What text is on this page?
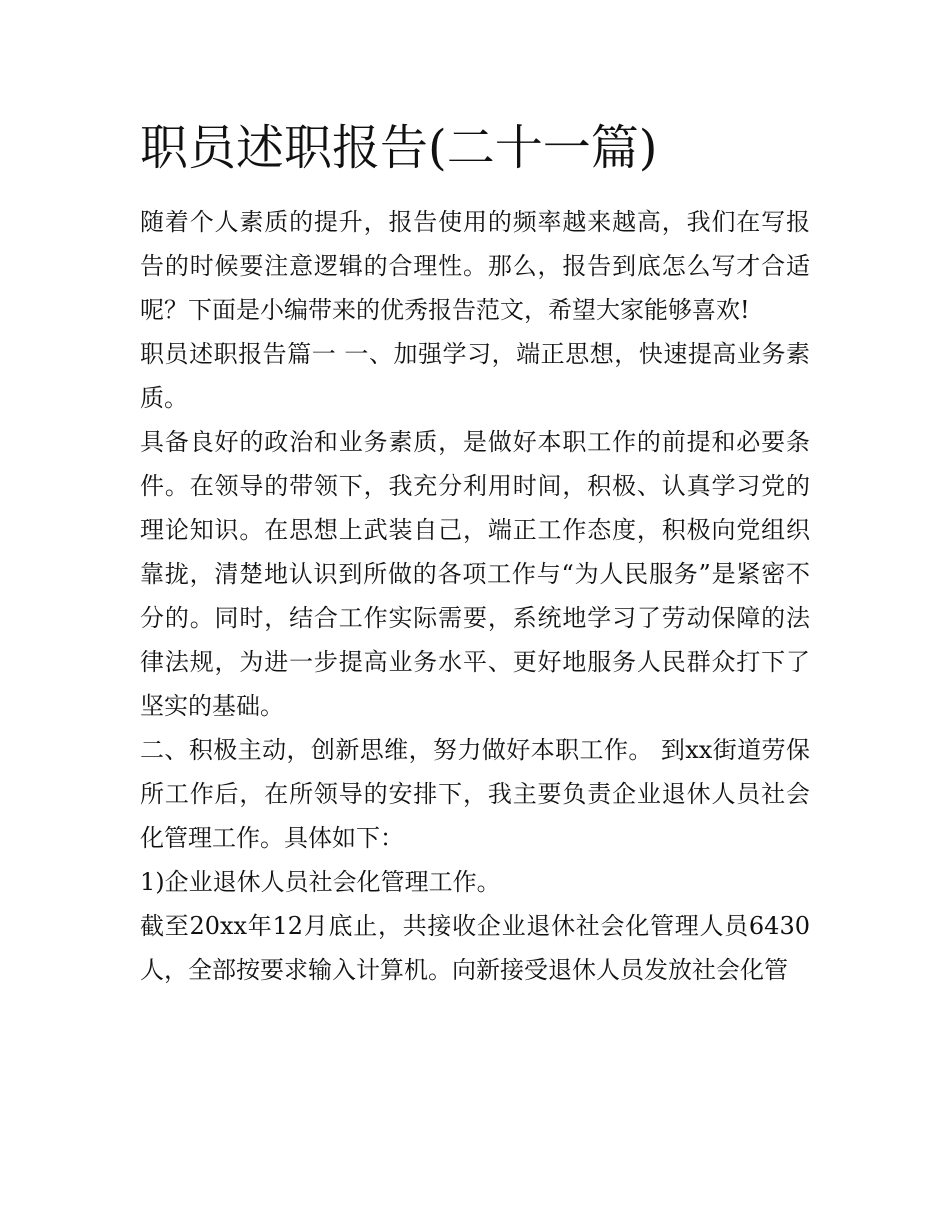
职员述职报告(二十一篇)

随着个人素质的提升，报告使用的频率越来越高，我们在写报告的时候要注意逻辑的合理性。那么，报告到底怎么写才合适呢？下面是小编带来的优秀报告范文，希望大家能够喜欢!

职员述职报告篇一 一、加强学习，端正思想，快速提高业务素质。

具备良好的政治和业务素质，是做好本职工作的前提和必要条件。在领导的带领下，我充分利用时间，积极、认真学习党的理论知识。在思想上武装自己，端正工作态度，积极向党组织靠拢，清楚地认识到所做的各项工作与“为人民服务”是紧密不分的。同时，结合工作实际需要，系统地学习了劳动保障的法律法规，为进一步提高业务水平、更好地服务人民群众打下了坚实的基础。

二、积极主动，创新思维，努力做好本职工作。 到xx街道劳保所工作后，在所领导的安排下，我主要负责企业退休人员社会化管理工作。具体如下：

1)企业退休人员社会化管理工作。

截至20xx年12月底止，共接收企业退休社会化管理人员6430人，全部按要求输入计算机。向新接受退休人员发放社会化管
